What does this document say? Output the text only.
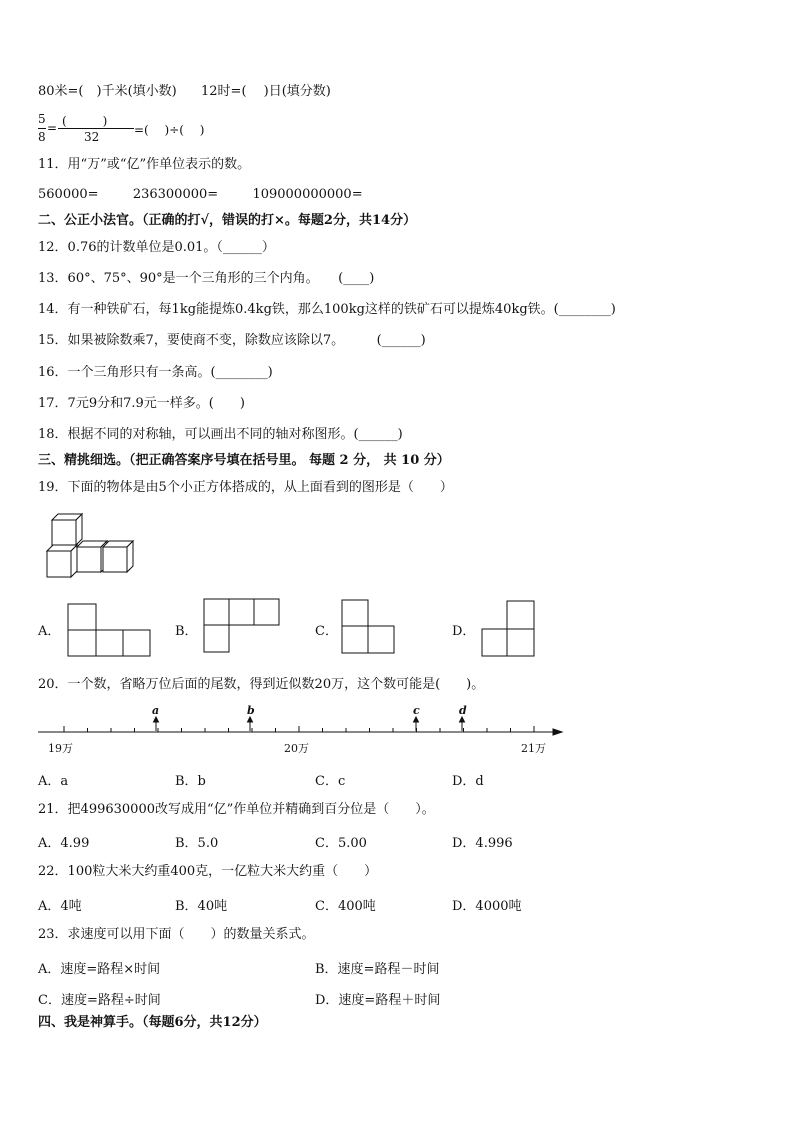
80米=(　)千米(填小数) 12时=(　 )日(填分数)
5
8
= (　　　)
32	=(　 )÷(　 )
11．用“万”或“亿”作单位表示的数。
560000=	236300000=	109000000000=
二、公正小法官。（正确的打√，错误的打×。每题2分，共14分）
12．0.76的计数单位是0.01。（______）
13．60°、75°、90°是一个三角形的三个内角。　　(____)
14．有一种铁矿石，每1kg能提炼0.4kg铁，那么100kg这样的铁矿石可以提炼40kg铁。(________)
15．如果被除数乘7，要使商不变，除数应该除以7。　　　(______)
16．一个三角形只有一条高。(________)
17．7元9分和7.9元一样多。(　　)
18．根据不同的对称轴，可以画出不同的轴对称图形。(______)
三、精挑细选。（把正确答案序号填在括号里。 每题 2 分， 共 10 分）
19．下面的物体是由5个小正方体搭成的，从上面看到的图形是（　　）
A．	B．	C．	D．
20．一个数，省略万位后面的尾数，得到近似数20万，这个数可能是(　　)。
19万	20万	21万
a	b	c	d
A．a	B．b	C．c	D．d
21．把499630000改写成用“亿”作单位并精确到百分位是（　　）。
A．4.99	B．5.0	C．5.00	D．4.996
22．100粒大米大约重400克，一亿粒大米大约重（　　）
A．4吨	B．40吨	C．400吨	D．4000吨
23．求速度可以用下面（　　）的数量关系式。
A．速度=路程×时间	B．速度=路程－时间
C．速度=路程÷时间	D．速度=路程＋时间
四、我是神算手。（每题6分，共12分）
